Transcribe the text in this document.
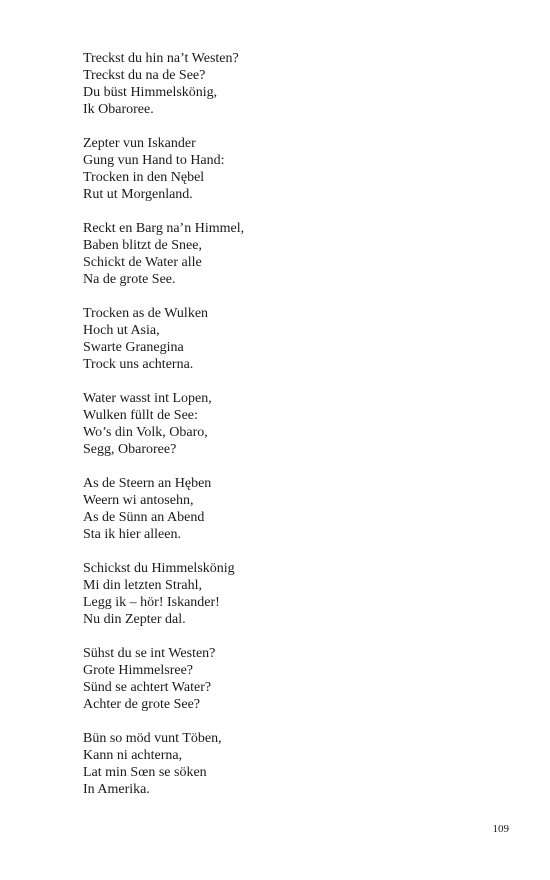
Treckst du hin na’t Westen?
Treckst du na de See?
Du büst Himmelskönig,
Ik Obaroree.
Zepter vun Iskander
Gung vun Hand to Hand:
Trocken in den Nębel
Rut ut Morgenland.
Reckt en Barg na’n Himmel,
Baben blitzt de Snee,
Schickt de Water alle
Na de grote See.
Trocken as de Wulken
Hoch ut Asia,
Swarte Granegina
Trock uns achterna.
Water wasst int Lopen,
Wulken füllt de See:
Wo’s din Volk, Obaro,
Segg, Obaroree?
As de Steern an Hęben
Weern wi antosehn,
As de Sünn an Abend
Sta ik hier alleen.
Schickst du Himmelskönig
Mi din letzten Strahl,
Legg ik – hör! Iskander!
Nu din Zepter dal.
Sühst du se int Westen?
Grote Himmelsree?
Sünd se achtert Water?
Achter de grote See?
Bün so möd vunt Töben,
Kann ni achterna,
Lat min Sœn se söken
In Amerika.
109
